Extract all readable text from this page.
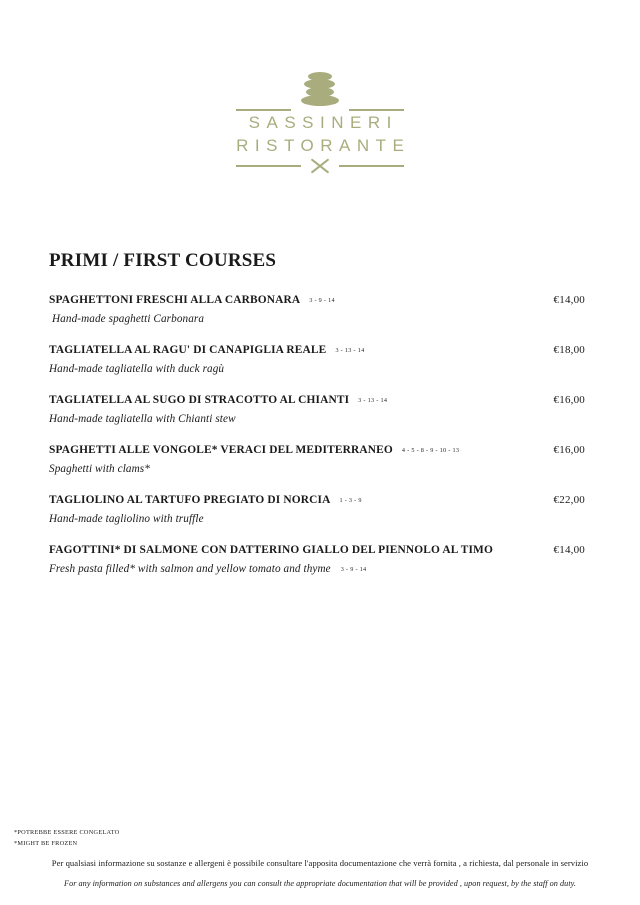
SASSINERI
RISTORANTE
PRIMI / FIRST COURSES
SPAGHETTONI FRESCHI ALLA CARBONARA 3 - 9 - 14	€14,00
Hand-made spaghetti Carbonara
TAGLIATELLA AL RAGU' DI CANAPIGLIA REALE 3 - 13 - 14	€18,00
Hand-made tagliatella with duck ragù
TAGLIATELLA AL SUGO DI STRACOTTO AL CHIANTI 3 - 13 - 14	€16,00
Hand-made tagliatella with Chianti stew
SPAGHETTI ALLE VONGOLE* VERACI DEL MEDITERRANEO 4 - 5 - 8 - 9 - 10 - 13	€16,00
Spaghetti with clams*
TAGLIOLINO AL TARTUFO PREGIATO DI NORCIA 1 - 3 - 9	€22,00
Hand-made tagliolino with truffle
FAGOTTINI* DI SALMONE CON DATTERINO GIALLO DEL PIENNOLO AL TIMO	€14,00
Fresh pasta filled* with salmon and yellow tomato and thyme 3 - 9 - 14
*POTREBBE ESSERE CONGELATO
*MIGHT BE FROZEN
Per qualsiasi informazione su sostanze e allergeni è possibile consultare l'apposita documentazione che verrà fornita , a richiesta, dal personale in servizio
For any information on substances and allergens you can consult the appropriate documentation that will be provided , upon request, by the staff on duty.
